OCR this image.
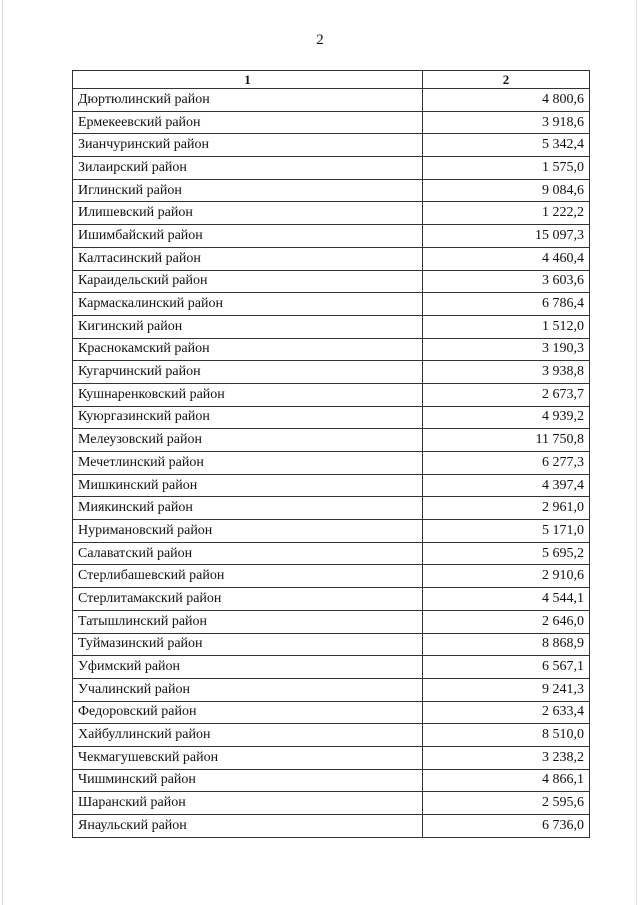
2
1	2
Дюртюлинский район	4 800,6
Ермекеевский район	3 918,6
Зианчуринский район	5 342,4
Зилаирский район	1 575,0
Иглинский район	9 084,6
Илишевский район	1 222,2
Ишимбайский район	15 097,3
Калтасинский район	4 460,4
Караидельский район	3 603,6
Кармаскалинский район	6 786,4
Кигинский район	1 512,0
Краснокамский район	3 190,3
Кугарчинский район	3 938,8
Кушнаренковский район	2 673,7
Куюргазинский район	4 939,2
Мелеузовский район	11 750,8
Мечетлинский район	6 277,3
Мишкинский район	4 397,4
Миякинский район	2 961,0
Нуримановский район	5 171,0
Салаватский район	5 695,2
Стерлибашевский район	2 910,6
Стерлитамакский район	4 544,1
Татышлинский район	2 646,0
Туймазинский район	8 868,9
Уфимский район	6 567,1
Учалинский район	9 241,3
Федоровский район	2 633,4
Хайбуллинский район	8 510,0
Чекмагушевский район	3 238,2
Чишминский район	4 866,1
Шаранский район	2 595,6
Янаульский район	6 736,0
